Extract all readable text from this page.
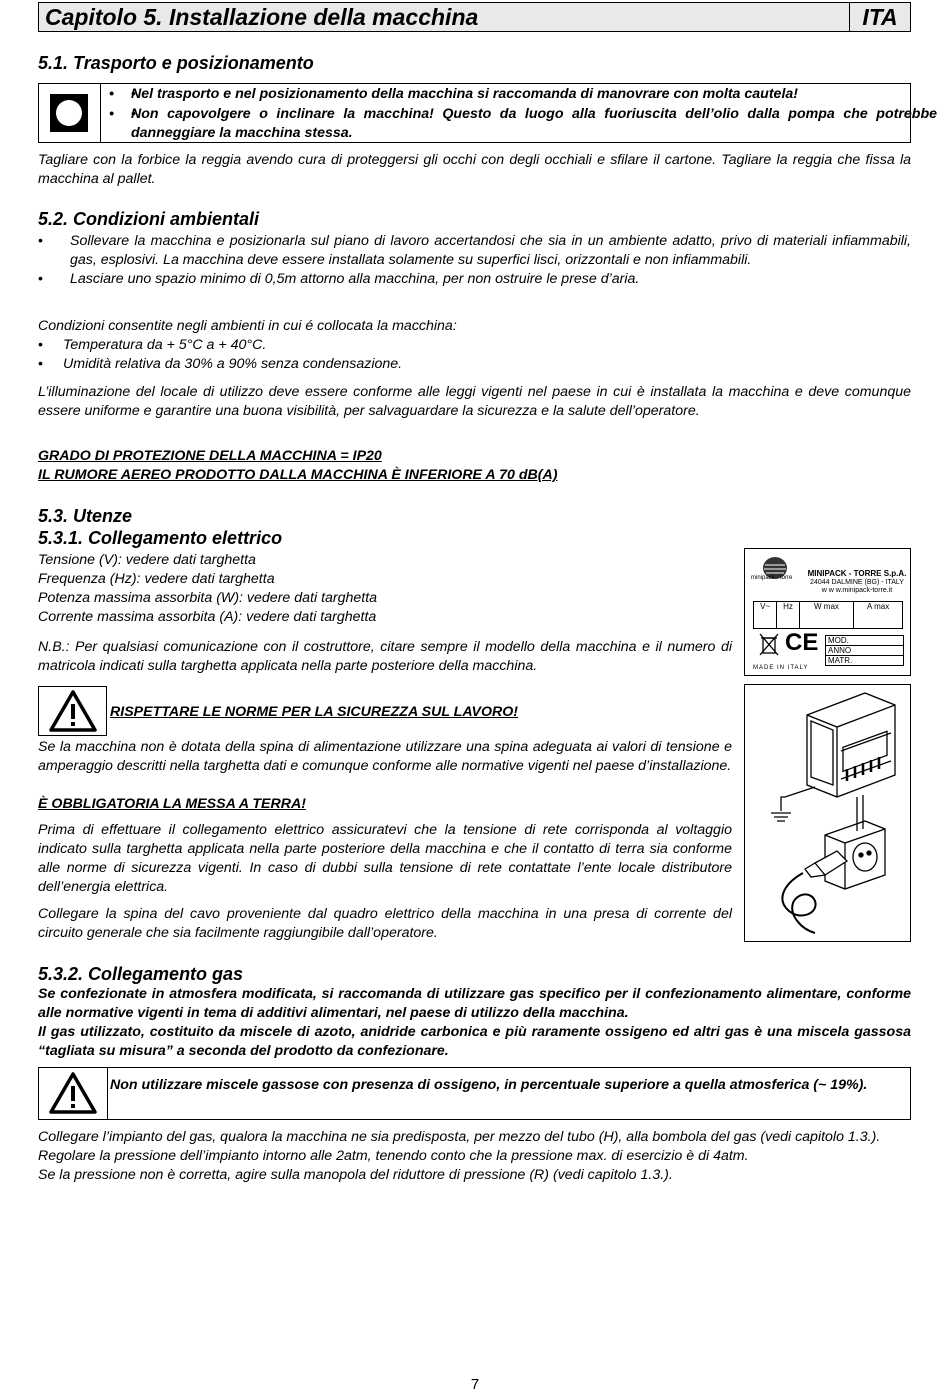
Capitolo 5. Installazione della macchina	ITA
5.1. Trasporto e posizionamento
• • Nel trasporto e nel posizionamento della macchina si raccomanda di manovrare con molta cautela!
• • Non capovolgere o inclinare la macchina! Questo da luogo alla fuoriuscita dell’olio dalla pompa che potrebbe danneggiare la macchina stessa.

Tagliare con la forbice la reggia avendo cura di proteggersi gli occhi con degli occhiali e sfilare il cartone. Tagliare la reggia che fissa la macchina al pallet.

5.2. Condizioni ambientali

• Sollevare la macchina e posizionarla sul piano di lavoro accertandosi che sia in un ambiente adatto, privo di materiali infiammabili, gas, esplosivi. La macchina deve essere installata solamente su superfici lisci, orizzontali e non infiammabili.

• Lasciare uno spazio minimo di 0,5m attorno alla macchina, per non ostruire le prese d’aria.

Condizioni consentite negli ambienti in cui é collocata la macchina:

• Temperatura da + 5°C a + 40°C.

• Umidità relativa da 30% a 90% senza condensazione.

L’illuminazione del locale di utilizzo deve essere conforme alle leggi vigenti nel paese in cui è installata la macchina e deve comunque essere uniforme e garantire una buona visibilità, per salvaguardare la sicurezza e la salute dell’operatore.

GRADO DI PROTEZIONE DELLA MACCHINA = IP20

IL RUMORE AEREO PRODOTTO DALLA MACCHINA È INFERIORE A 70 dB(A)

5.3. Utenze
5.3.1. Collegamento elettrico

Tensione (V): vedere dati targhetta

Frequenza (Hz): vedere dati targhetta

Potenza massima assorbita (W): vedere dati targhetta

Corrente massima assorbita (A): vedere dati targhetta

N.B.: Per qualsiasi comunicazione con il costruttore, citare sempre il modello della macchina e il numero di matricola indicati sulla targhetta applicata nella parte posteriore della macchina.

minipack - torre	MINIPACK - TORRE S.p.A.
24044 DALMINE (BG) - ITALY
w w w.minipack-torre.it
V~	Hz	W max	A max
CE MOD.
ANNO
MATR.
MADE IN ITALY

RISPETTARE LE NORME PER LA SICUREZZA SUL LAVORO!

Se la macchina non è dotata della spina di alimentazione utilizzare una spina adeguata ai valori di tensione e amperaggio descritti nella targhetta dati e comunque conforme alle normative vigenti nel paese d’installazione.

È OBBLIGATORIA LA MESSA A TERRA!

Prima di effettuare il collegamento elettrico assicuratevi che la tensione di rete corrisponda al voltaggio indicato sulla targhetta applicata nella parte posteriore della macchina e che il contatto di terra sia conforme alle norme di sicurezza vigenti. In caso di dubbi sulla tensione di rete contattate l’ente locale distributore dell’energia elettrica.

Collegare la spina del cavo proveniente dal quadro elettrico della macchina in una presa di corrente del circuito generale che sia facilmente raggiungibile dall’operatore.

5.3.2. Collegamento gas

Se confezionate in atmosfera modificata, si raccomanda di utilizzare gas specifico per il confezionamento alimentare, conforme alle normative vigenti in tema di additivi alimentari, nel paese di utilizzo della macchina.

Il gas utilizzato, costituito da miscele di azoto, anidride carbonica e più raramente ossigeno ed altri gas è una miscela gassosa “tagliata su misura” a seconda del prodotto da confezionare.

Non utilizzare miscele gassose con presenza di ossigeno, in percentuale superiore a quella atmosferica (~ 19%).

Collegare l’impianto del gas, qualora la macchina ne sia predisposta, per mezzo del tubo (H), alla bombola del gas (vedi capitolo 1.3.).

Regolare la pressione dell’impianto intorno alle 2atm, tenendo conto che la pressione max. di esercizio è di 4atm.

Se la pressione non è corretta, agire sulla manopola del riduttore di pressione (R) (vedi capitolo 1.3.).

7
